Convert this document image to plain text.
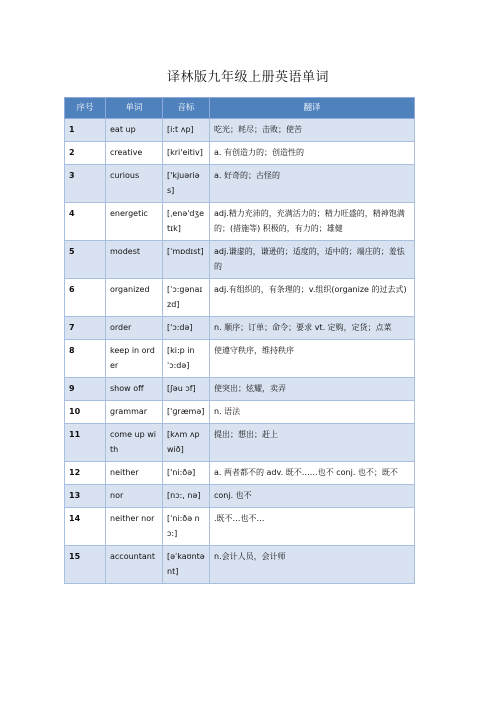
译林版九年级上册英语单词
序号	单词	音标	翻译
1	eat up	[i:t ʌp]	吃光；耗尽；击败；使苦
2	creative	[kri'eitiv]	a. 有创造力的；创造性的
3	curious	['kjuəriəs]	a. 好奇的；古怪的
4	energetic	[ˌenəˈdʒetɪk]	adj.精力充沛的，充满活力的；精力旺盛的，精神饱满的；(措施等) 积极的，有力的；雄健
5	modest	[ˈmɒdɪst]	adj.谦虚的，谦逊的；适度的，适中的；端庄的；羞怯的
6	organized	[ˈɔ:gənaɪzd]	adj.有组织的，有条理的；v.组织(organize 的过去式)
7	order	['ɔ:də]	n. 顺序；订单；命令；要求 vt. 定购，定货；点菜
8	keep in order	[ki:p in ˈɔ:də]	使遵守秩序，维持秩序
9	show off	[ʃəu ɔf]	使突出；炫耀，卖弄
10	grammar	['ɡræmə]	n. 语法
11	come up with	[kʌm ʌp wið]	提出；想出；赶上
12	neither	['ni:ðə]	a. 两者都不的 adv. 既不……也不 conj. 也不；既不
13	nor	[nɔ:, nə]	conj. 也不
14	neither nor	[ˈni:ðə nɔ:]	.既不…也不…
15	accountant	[əˈkaʊntənt]	n.会计人员，会计师
